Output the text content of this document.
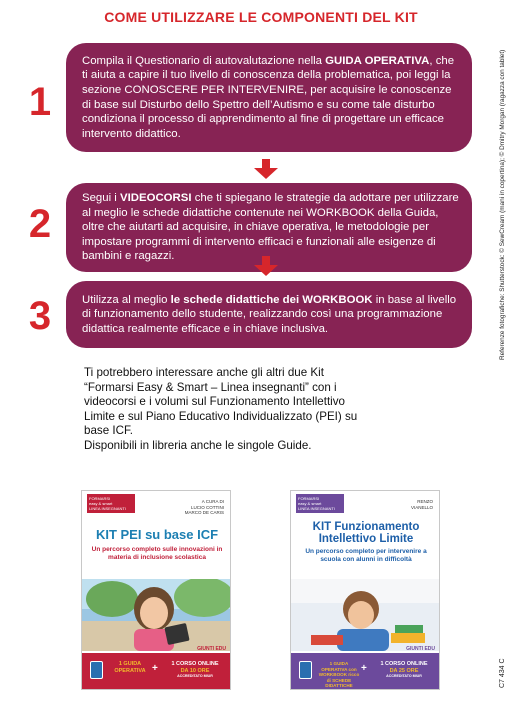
COME UTILIZZARE LE COMPONENTI DEL KIT
1

Compila il Questionario di autovalutazione nella GUIDA OPERATIVA, che ti aiuta a capire il tuo livello di conoscenza della problematica, poi leggi la sezione CONOSCERE PER INTERVENIRE, per acquisire le conoscenze di base sul Disturbo dello Spettro dell’Autismo e su come tale disturbo condiziona il processo di apprendimento al fine di progettare un efficace intervento didattico.

2

Segui i VIDEOCORSI che ti spiegano le strategie da adottare per utilizzare al meglio le schede didattiche contenute nei WORKBOOK della Guida, oltre che aiutarti ad acquisire, in chiave operativa, le metodologie per impostare programmi di intervento efficaci e funzionali alle esigenze di bambini e ragazzi.

3	Utilizza al meglio le schede didattiche dei WORKBOOK in base al livello di funzionamento dello studente, realizzando così una programmazione didattica realmente efficace e in chiave inclusiva.

Ti potrebbero interessare anche gli altri due Kit “Formarsi Easy & Smart – Linea insegnanti” con i videocorsi e i volumi sul Funzionamento Intellettivo Limite e sul Piano Educativo Individualizzato (PEI) su base ICF.

Disponibili in libreria anche le singole Guide.

FORMARSI
easy & smart
LINEA INSEGNANTI
A CURA DI
LUCIO COTTINI
MARCO DE CARIS
KIT PEI su base ICF
Un percorso completo sulle innovazioni in materia di inclusione scolastica
GIUNTI EDU
1 GUIDA OPERATIVA +	1 CORSO ONLINE
DA 10 ORE
ACCREDITATO MIUR
FORMARSI
easy & smart
LINEA INSEGNANTI
RENZO
VIANELLO
KIT Funzionamento Intellettivo Limite
Un percorso completo per intervenire a scuola con alunni in difficoltà
GIUNTI EDU
1 GUIDA OPERATIVA con WORKBOOK ricco di SCHEDE DIDATTICHE
+	1 CORSO ONLINE
DA 25 ORE
ACCREDITATO MIUR
Referenze fotografiche: Shutterstock: © SewCream (mani in copertina); © Dmitry Morgan (ragazza con tablet)
C7 434 C
